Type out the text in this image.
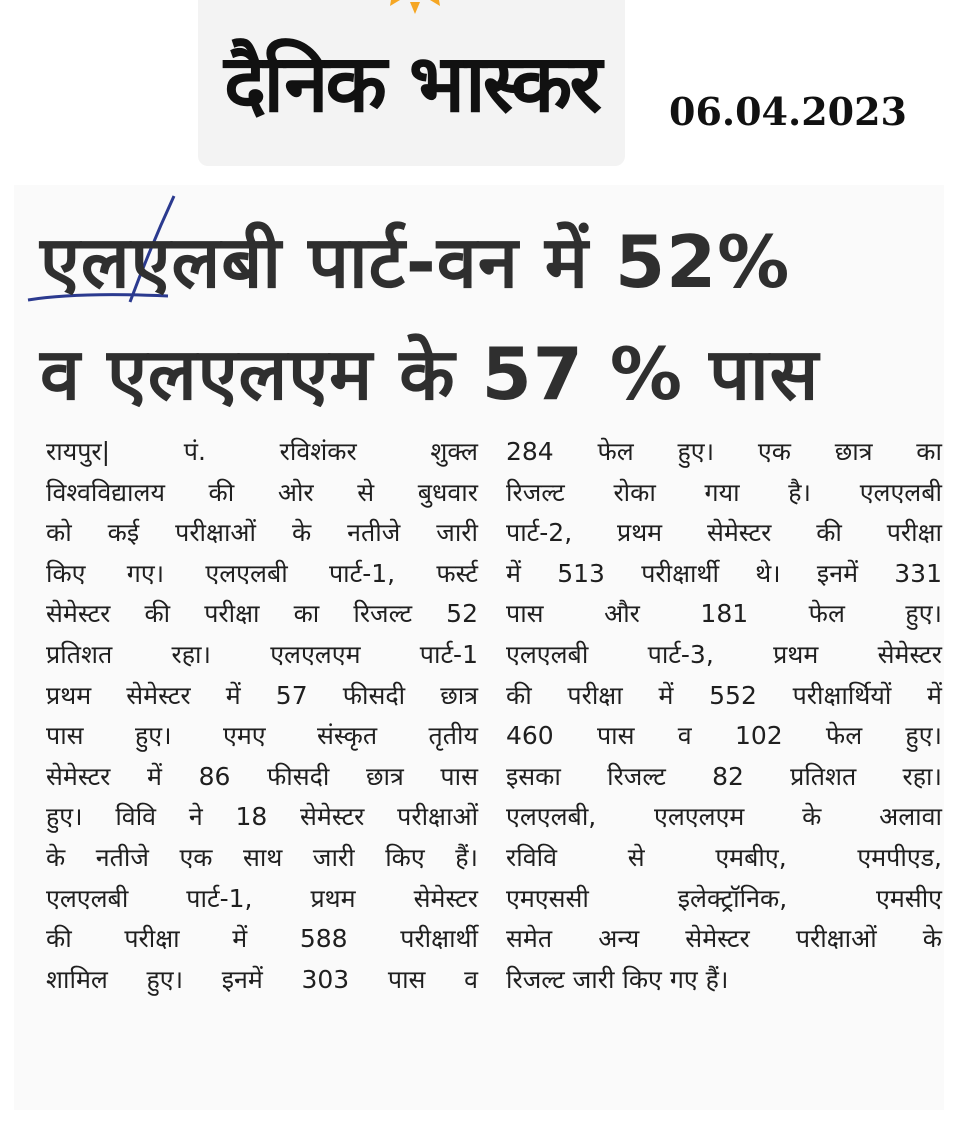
दैनिक भास्कर	06.04.2023
एलएलबी पार्ट-वन में 52%
व एलएलएम के 57 % पास

रायपुर| पं. रविशंकर शुक्ल

विश्वविद्यालय की ओर से बुधवार

को कई परीक्षाओं के नतीजे जारी

किए गए। एलएलबी पार्ट-1, फर्स्ट

सेमेस्टर की परीक्षा का रिजल्ट 52

प्रतिशत रहा। एलएलएम पार्ट-1

प्रथम सेमेस्टर में 57 फीसदी छात्र

पास हुए। एमए संस्कृत तृतीय

सेमेस्टर में 86 फीसदी छात्र पास

हुए। विवि ने 18 सेमेस्टर परीक्षाओं

के नतीजे एक साथ जारी किए हैं।

एलएलबी पार्ट-1, प्रथम सेमेस्टर

की परीक्षा में 588 परीक्षार्थी

शामिल हुए। इनमें 303 पास व

284 फेल हुए। एक छात्र का

रिजल्ट रोका गया है। एलएलबी

पार्ट-2, प्रथम सेमेस्टर की परीक्षा

में 513 परीक्षार्थी थे। इनमें 331

पास और 181 फेल हुए।

एलएलबी पार्ट-3, प्रथम सेमेस्टर

की परीक्षा में 552 परीक्षार्थियों में

460 पास व 102 फेल हुए।

इसका रिजल्ट 82 प्रतिशत रहा।

एलएलबी, एलएलएम के अलावा

रविवि से एमबीए, एमपीएड,

एमएससी इलेक्ट्रॉनिक, एमसीए

समेत अन्य सेमेस्टर परीक्षाओं के

रिजल्ट जारी किए गए हैं।
